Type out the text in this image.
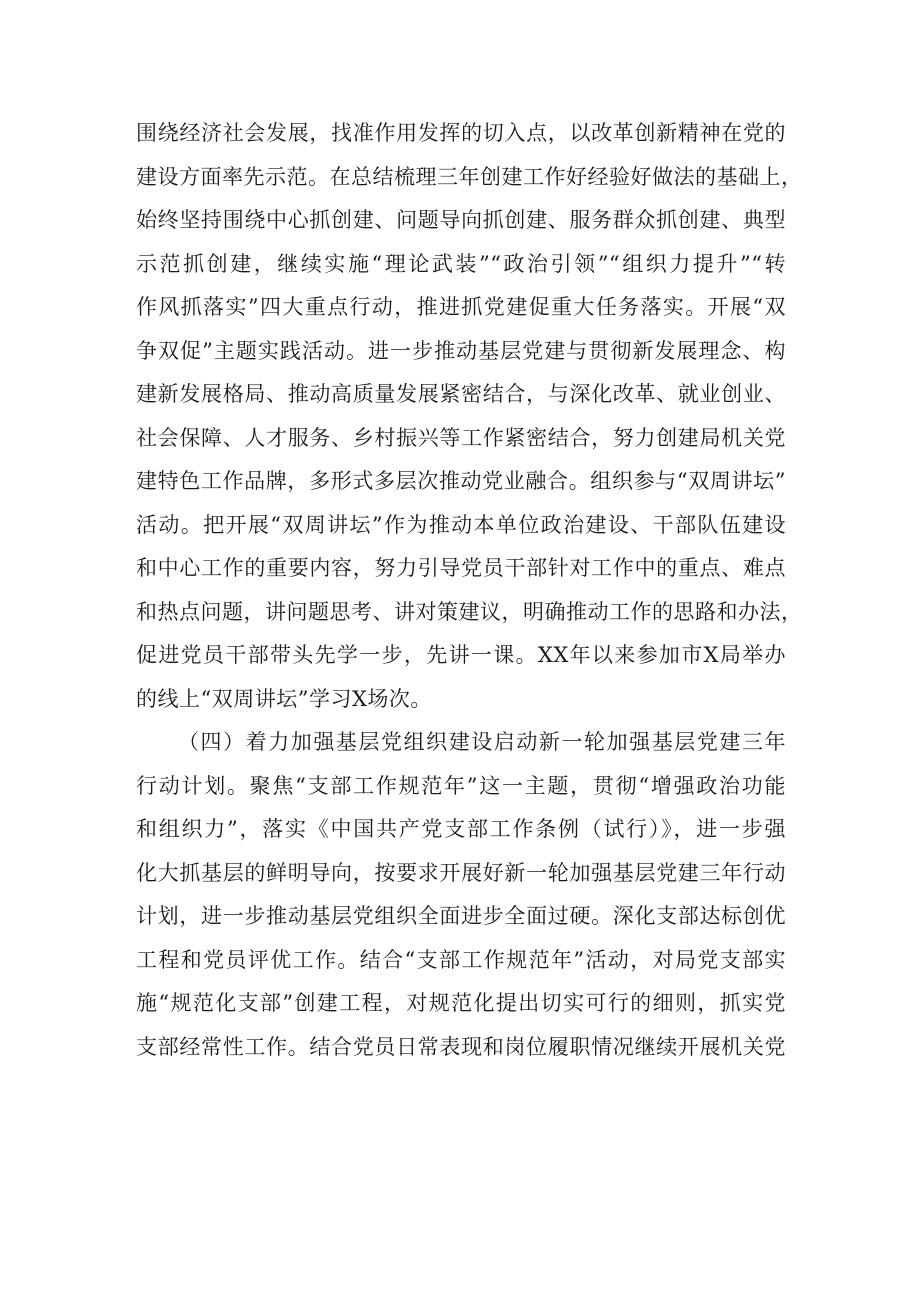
围绕经济社会发展，找准作用发挥的切入点，以改革创新精神在党的
建设方面率先示范。在总结梳理三年创建工作好经验好做法的基础上，
始终坚持围绕中心抓创建、问题导向抓创建、服务群众抓创建、典型
示范抓创建，继续实施“理论武装”“政治引领”“组织力提升”“转
作风抓落实”四大重点行动，推进抓党建促重大任务落实。开展“双
争双促”主题实践活动。进一步推动基层党建与贯彻新发展理念、构
建新发展格局、推动高质量发展紧密结合，与深化改革、就业创业、
社会保障、人才服务、乡村振兴等工作紧密结合，努力创建局机关党
建特色工作品牌，多形式多层次推动党业融合。组织参与“双周讲坛”
活动。把开展“双周讲坛”作为推动本单位政治建设、干部队伍建设
和中心工作的重要内容，努力引导党员干部针对工作中的重点、难点
和热点问题，讲问题思考、讲对策建议，明确推动工作的思路和办法，
促进党员干部带头先学一步，先讲一课。XX年以来参加市X局举办
的线上“双周讲坛”学习X场次。
（四）着力加强基层党组织建设启动新一轮加强基层党建三年
行动计划。聚焦“支部工作规范年”这一主题，贯彻“增强政治功能
和组织力”，落实《中国共产党支部工作条例（试行）》，进一步强
化大抓基层的鲜明导向，按要求开展好新一轮加强基层党建三年行动
计划，进一步推动基层党组织全面进步全面过硬。深化支部达标创优
工程和党员评优工作。结合“支部工作规范年”活动，对局党支部实
施“规范化支部”创建工程，对规范化提出切实可行的细则，抓实党
支部经常性工作。结合党员日常表现和岗位履职情况继续开展机关党
